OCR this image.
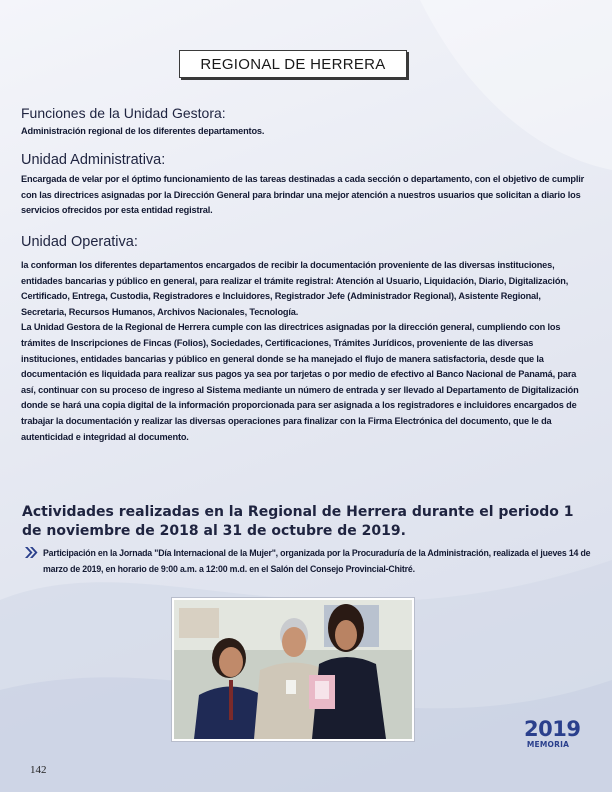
REGIONAL DE HERRERA
Funciones de la Unidad Gestora:

Administración regional de los diferentes departamentos.

Unidad Administrativa:

Encargada de velar por el óptimo funcionamiento de las tareas destinadas a cada sección o departamento, con el objetivo de cumplir con las directrices asignadas por la Dirección General para brindar una mejor atención a nuestros usuarios que solicitan a diario los servicios ofrecidos por esta entidad registral.

Unidad Operativa:

la conforman los diferentes departamentos encargados de recibir la documentación proveniente de las diversas instituciones, entidades bancarias y público en general, para realizar el trámite registral: Atención al Usuario, Liquidación, Diario, Digitalización, Certificado, Entrega, Custodia, Registradores e Incluidores, Registrador Jefe (Administrador Regional), Asistente Regional, Secretaria, Recursos Humanos, Archivos Nacionales, Tecnología.

La Unidad Gestora de la Regional de Herrera cumple con las directrices asignadas por la dirección general, cumpliendo con los trámites de Inscripciones de Fincas (Folios), Sociedades, Certificaciones, Trámites Jurídicos, proveniente de las diversas instituciones, entidades bancarias y público en general donde se ha manejado el flujo de manera satisfactoria, desde que la documentación es liquidada para realizar sus pagos ya sea por tarjetas o por medio de efectivo al Banco Nacional de Panamá, para así, continuar con su proceso de ingreso al Sistema mediante un número de entrada y ser llevado al Departamento de Digitalización donde se hará una copia digital de la información proporcionada para ser asignada a los registradores e incluidores encargados de trabajar la documentación y realizar las diversas operaciones para finalizar con la Firma Electrónica del documento, que le da autenticidad e integridad al documento.

Actividades realizadas en la Regional de Herrera durante el periodo 1 de noviembre de 2018 al 31 de octubre de 2019.
Participación en la Jornada "Día Internacional de la Mujer", organizada por la Procuraduría de la Administración, realizada el jueves 14 de marzo de 2019, en horario de 9:00 a.m. a 12:00 m.d. en el Salón del Consejo Provincial-Chitré.
2019
MEMORIA
142
